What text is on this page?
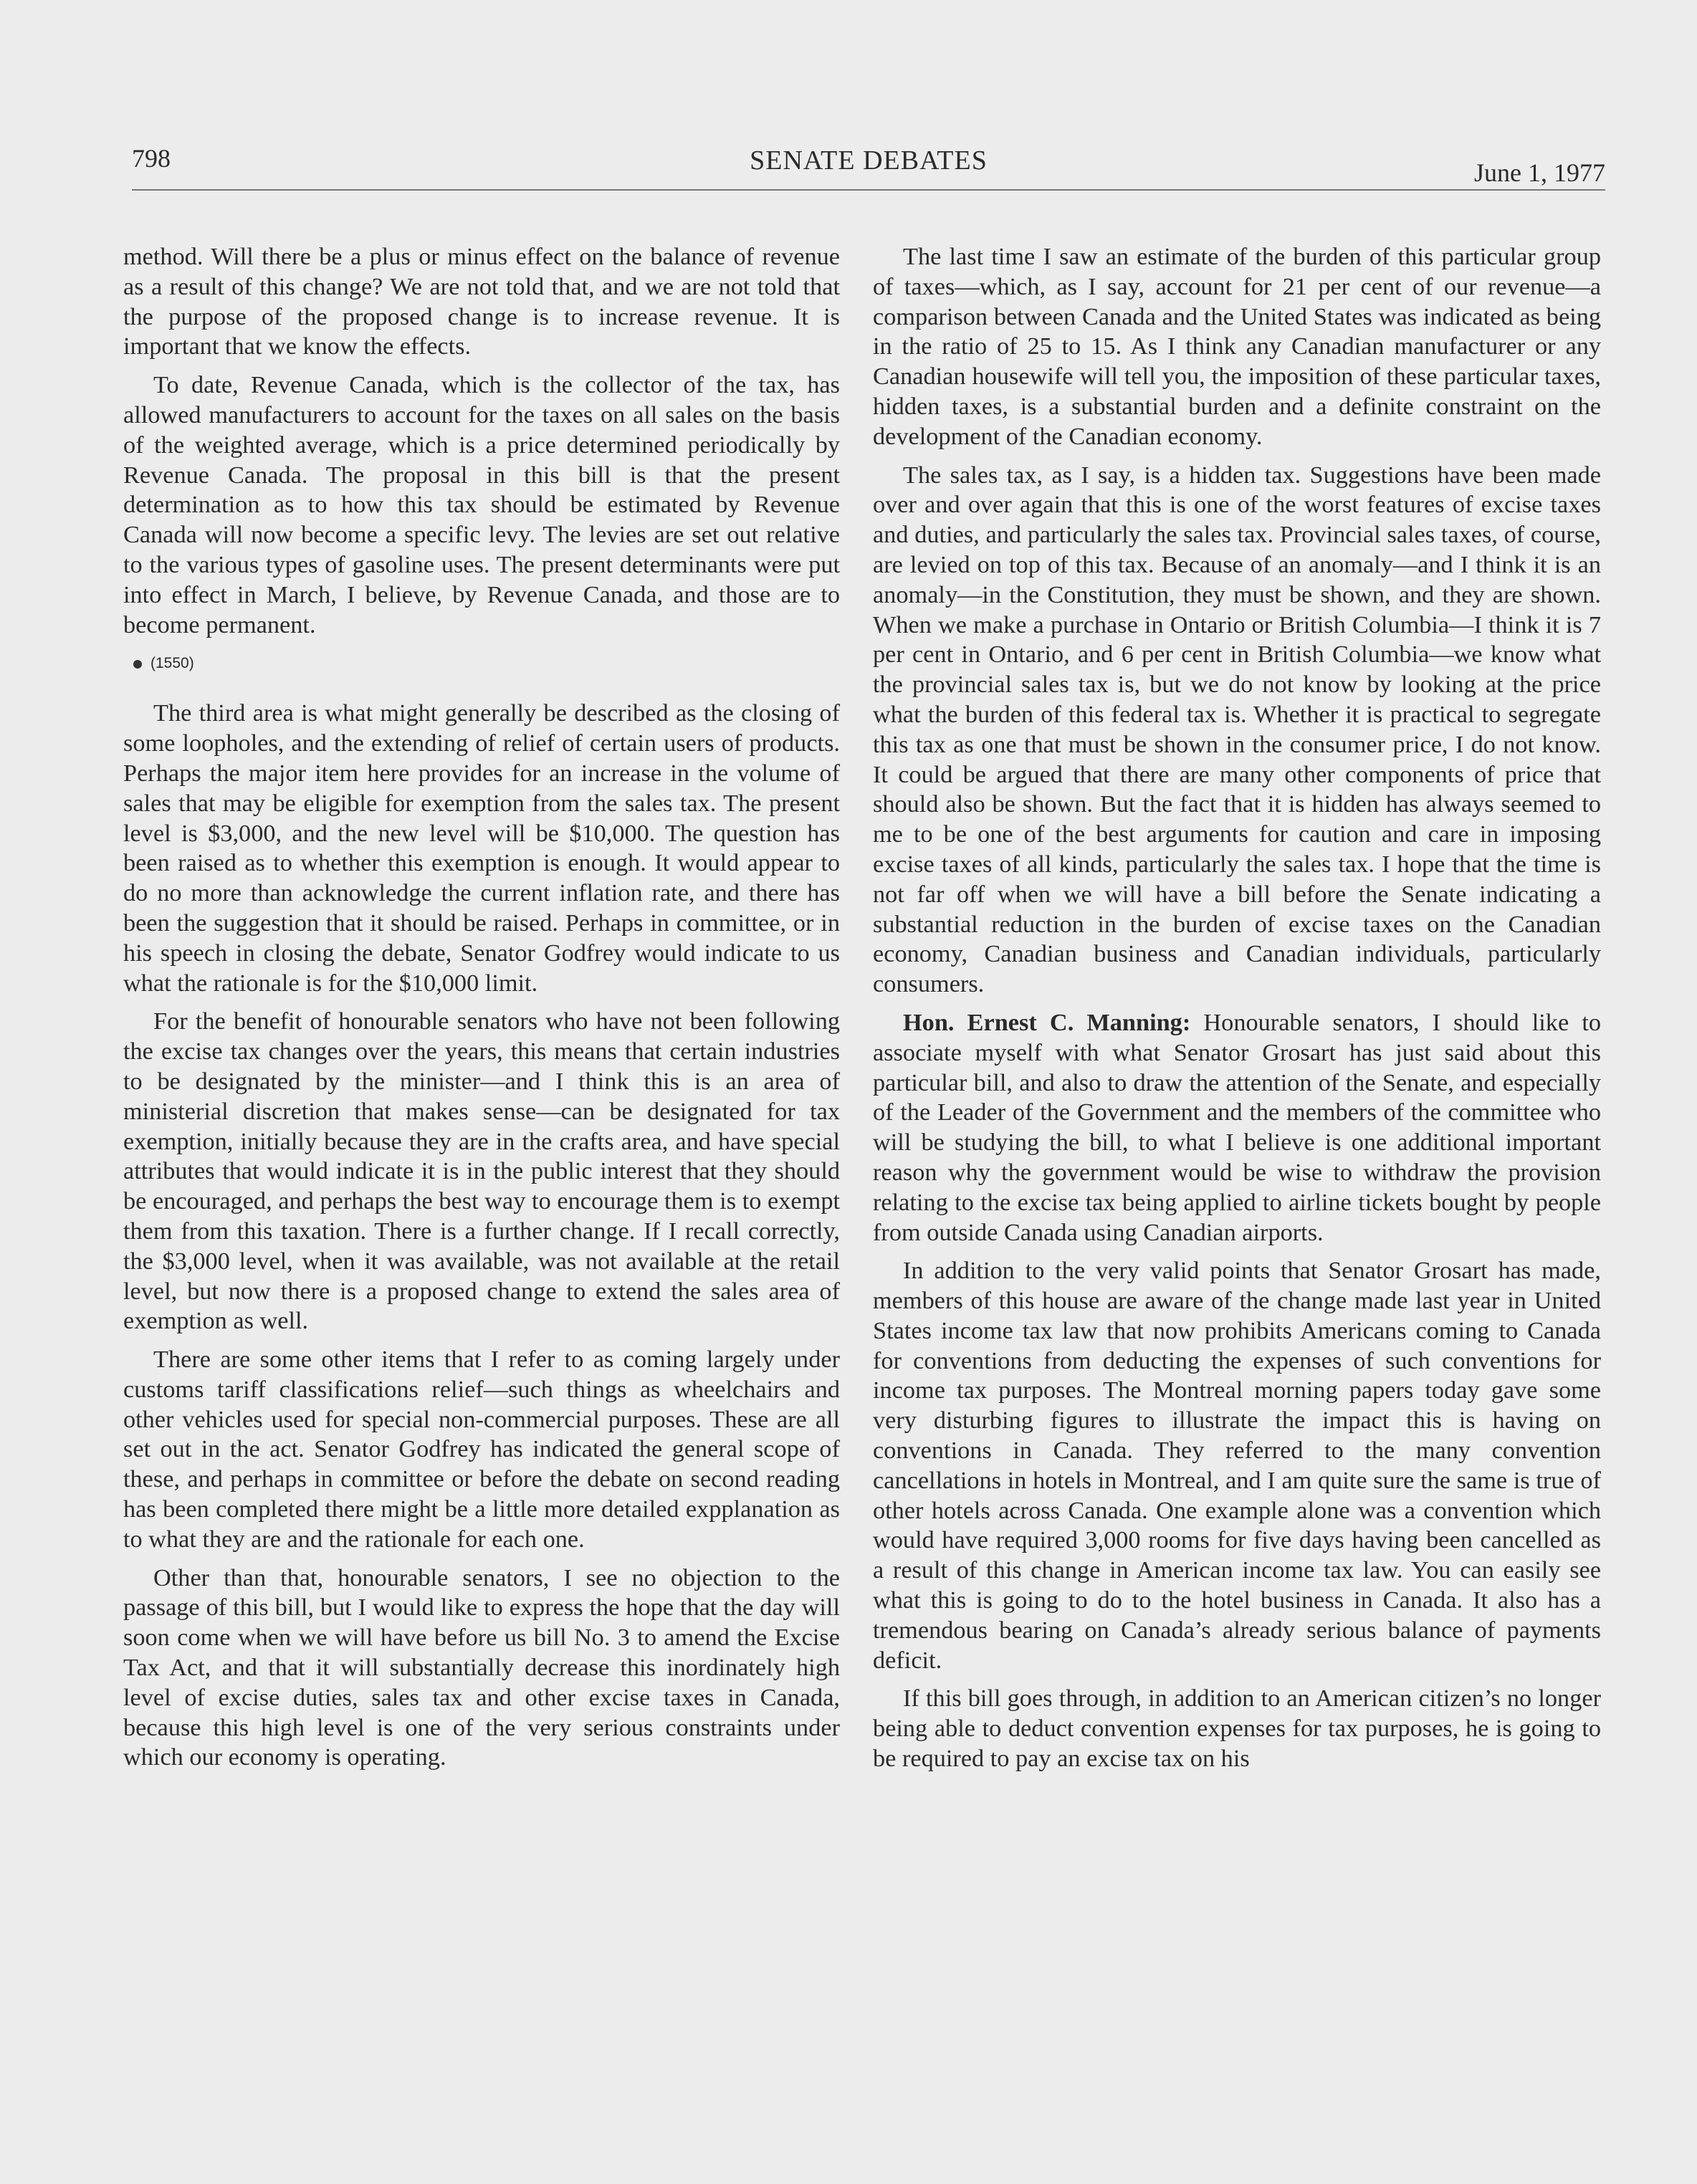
798	SENATE DEBATES	June 1, 1977

method. Will there be a plus or minus effect on the balance of revenue as a result of this change? We are not told that, and we are not told that the purpose of the proposed change is to increase revenue. It is important that we know the effects.

To date, Revenue Canada, which is the collector of the tax, has allowed manufacturers to account for the taxes on all sales on the basis of the weighted average, which is a price determined periodically by Revenue Canada. The proposal in this bill is that the present determination as to how this tax should be estimated by Revenue Canada will now become a specific levy. The levies are set out relative to the various types of gasoline uses. The present determinants were put into effect in March, I believe, by Revenue Canada, and those are to become permanent.

(1550)

The third area is what might generally be described as the closing of some loopholes, and the extending of relief of certain users of products. Perhaps the major item here provides for an increase in the volume of sales that may be eligible for exemption from the sales tax. The present level is $3,000, and the new level will be $10,000. The question has been raised as to whether this exemption is enough. It would appear to do no more than acknowledge the current inflation rate, and there has been the suggestion that it should be raised. Perhaps in committee, or in his speech in closing the debate, Senator Godfrey would indicate to us what the rationale is for the $10,000 limit.

For the benefit of honourable senators who have not been following the excise tax changes over the years, this means that certain industries to be designated by the minister—and I think this is an area of ministerial discretion that makes sense—can be designated for tax exemption, initially because they are in the crafts area, and have special attributes that would indicate it is in the public interest that they should be encouraged, and perhaps the best way to encourage them is to exempt them from this taxation. There is a further change. If I recall correctly, the $3,000 level, when it was available, was not available at the retail level, but now there is a proposed change to extend the sales area of exemption as well.

There are some other items that I refer to as coming largely under customs tariff classifications relief—such things as wheelchairs and other vehicles used for special non-commercial purposes. These are all set out in the act. Senator Godfrey has indicated the general scope of these, and perhaps in committee or before the debate on second reading has been completed there might be a little more detailed expplanation as to what they are and the rationale for each one.

Other than that, honourable senators, I see no objection to the passage of this bill, but I would like to express the hope that the day will soon come when we will have before us bill No. 3 to amend the Excise Tax Act, and that it will substantially decrease this inordinately high level of excise duties, sales tax and other excise taxes in Canada, because this high level is one of the very serious constraints under which our economy is operating.

The last time I saw an estimate of the burden of this particular group of taxes—which, as I say, account for 21 per cent of our revenue—a comparison between Canada and the United States was indicated as being in the ratio of 25 to 15. As I think any Canadian manufacturer or any Canadian housewife will tell you, the imposition of these particular taxes, hidden taxes, is a substantial burden and a definite constraint on the development of the Canadian economy.

The sales tax, as I say, is a hidden tax. Suggestions have been made over and over again that this is one of the worst features of excise taxes and duties, and particularly the sales tax. Provincial sales taxes, of course, are levied on top of this tax. Because of an anomaly—and I think it is an anomaly—in the Constitution, they must be shown, and they are shown. When we make a purchase in Ontario or British Columbia—I think it is 7 per cent in Ontario, and 6 per cent in British Columbia—we know what the provincial sales tax is, but we do not know by looking at the price what the burden of this federal tax is. Whether it is practical to segregate this tax as one that must be shown in the consumer price, I do not know. It could be argued that there are many other components of price that should also be shown. But the fact that it is hidden has always seemed to me to be one of the best arguments for caution and care in imposing excise taxes of all kinds, particularly the sales tax. I hope that the time is not far off when we will have a bill before the Senate indicating a substantial reduction in the burden of excise taxes on the Canadian economy, Canadian business and Canadian individuals, particularly consumers.

Hon. Ernest C. Manning: Honourable senators, I should like to associate myself with what Senator Grosart has just said about this particular bill, and also to draw the attention of the Senate, and especially of the Leader of the Government and the members of the committee who will be studying the bill, to what I believe is one additional important reason why the government would be wise to withdraw the provision relating to the excise tax being applied to airline tickets bought by people from outside Canada using Canadian airports.

In addition to the very valid points that Senator Grosart has made, members of this house are aware of the change made last year in United States income tax law that now prohibits Americans coming to Canada for conventions from deducting the expenses of such conventions for income tax purposes. The Montreal morning papers today gave some very disturbing figures to illustrate the impact this is having on conventions in Canada. They referred to the many convention cancellations in hotels in Montreal, and I am quite sure the same is true of other hotels across Canada. One example alone was a convention which would have required 3,000 rooms for five days having been cancelled as a result of this change in American income tax law. You can easily see what this is going to do to the hotel business in Canada. It also has a tremendous bearing on Canada’s already serious balance of payments deficit.

If this bill goes through, in addition to an American citizen’s no longer being able to deduct convention expenses for tax purposes, he is going to be required to pay an excise tax on his
